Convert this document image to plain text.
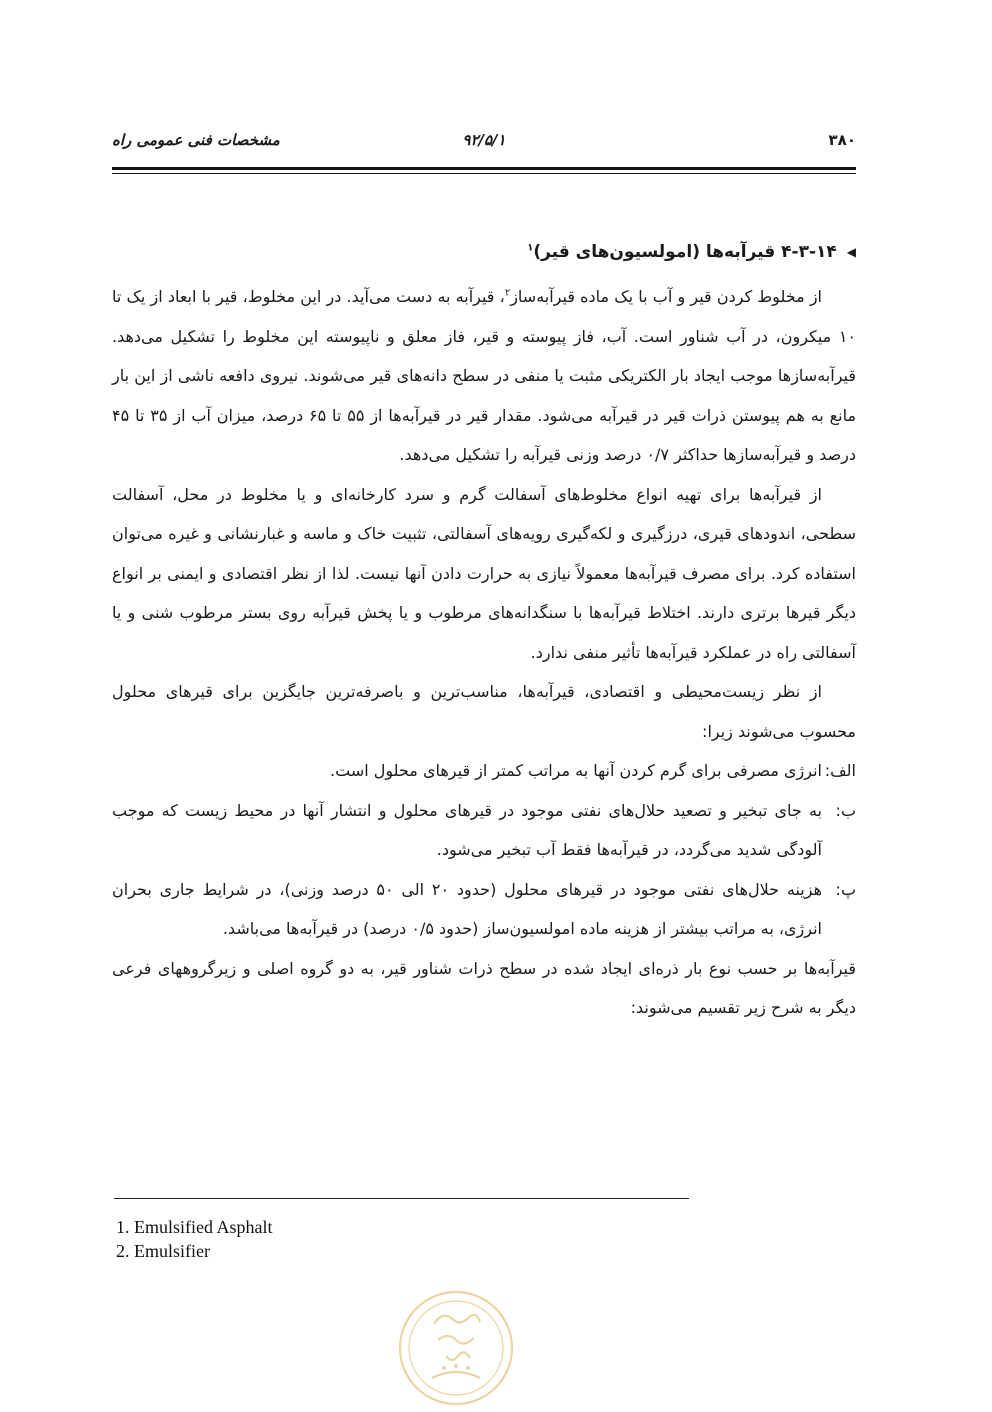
۳۸۰
۹۲/۵/۱
مشخصات فنی عمومی راه
◀۴-۳-۱۴ قیرآبه‌ها (امولسیون‌های قیر)$^۱$

از مخلوط کردن قیر و آب با یک ماده قیرآبه‌ساز$^۲$، قیرآبه به دست می‌آید. در این مخلوط، قیر با ابعاد از یک تا ۱۰ میکرون، در آب شناور است. آب، فاز پیوسته و قیر، فاز معلق و ناپیوسته این مخلوط را تشکیل می‌دهد. قیرآبه‌سازها موجب ایجاد بار الکتریکی مثبت یا منفی در سطح دانه‌های قیر می‌شوند. نیروی دافعه ناشی از این بار مانع به هم پیوستن ذرات قیر در قیرآبه می‌شود. مقدار قیر در قیرآبه‌ها از ۵۵ تا ۶۵ درصد، میزان آب از ۳۵ تا ۴۵ درصد و قیرآبه‌سازها حداکثر ۰/۷ درصد وزنی قیرآبه را تشکیل می‌دهد.

از قیرآبه‌ها برای تهیه انواع مخلوط‌های آسفالت گرم و سرد کارخانه‌ای و یا مخلوط در محل، آسفالت سطحی، اندودهای قیری، درزگیری و لکه‌گیری رویه‌های آسفالتی، تثبیت خاک و ماسه و غبارنشانی و غیره می‌توان استفاده کرد. برای مصرف قیرآبه‌ها معمولاً نیازی به حرارت دادن آنها نیست. لذا از نظر اقتصادی و ایمنی بر انواع دیگر قیرها برتری دارند. اختلاط قیرآبه‌ها با سنگدانه‌های مرطوب و یا پخش قیرآبه روی بستر مرطوب شنی و یا آسفالتی راه در عملکرد قیرآبه‌ها تأثیر منفی ندارد.

از نظر زیست‌محیطی و اقتصادی، قیرآبه‌ها، مناسب‌ترین و باصرفه‌ترین جایگزین برای قیرهای محلول محسوب می‌شوند زیرا:

الف:
انرژی مصرفی برای گرم کردن آنها به مراتب کمتر از قیرهای محلول است.
ب:
به جای تبخیر و تصعید حلال‌های نفتی موجود در قیرهای محلول و انتشار آنها در محیط زیست که موجب آلودگی شدید می‌گردد، در قیرآبه‌ها فقط آب تبخیر می‌شود.
پ:
هزینه حلال‌های نفتی موجود در قیرهای محلول (حدود ۲۰ الی ۵۰ درصد وزنی)، در شرایط جاری بحران انرژی، به مراتب بیشتر از هزینه ماده امولسیون‌ساز (حدود ۰/۵ درصد) در قیرآبه‌ها می‌باشد.

قیرآبه‌ها بر حسب نوع بار ذره‌ای ایجاد شده در سطح ذرات شناور قیر، به دو گروه اصلی و زیرگروههای فرعی دیگر به شرح زیر تقسیم می‌شوند:

1. Emulsified Asphalt
2. Emulsifier
